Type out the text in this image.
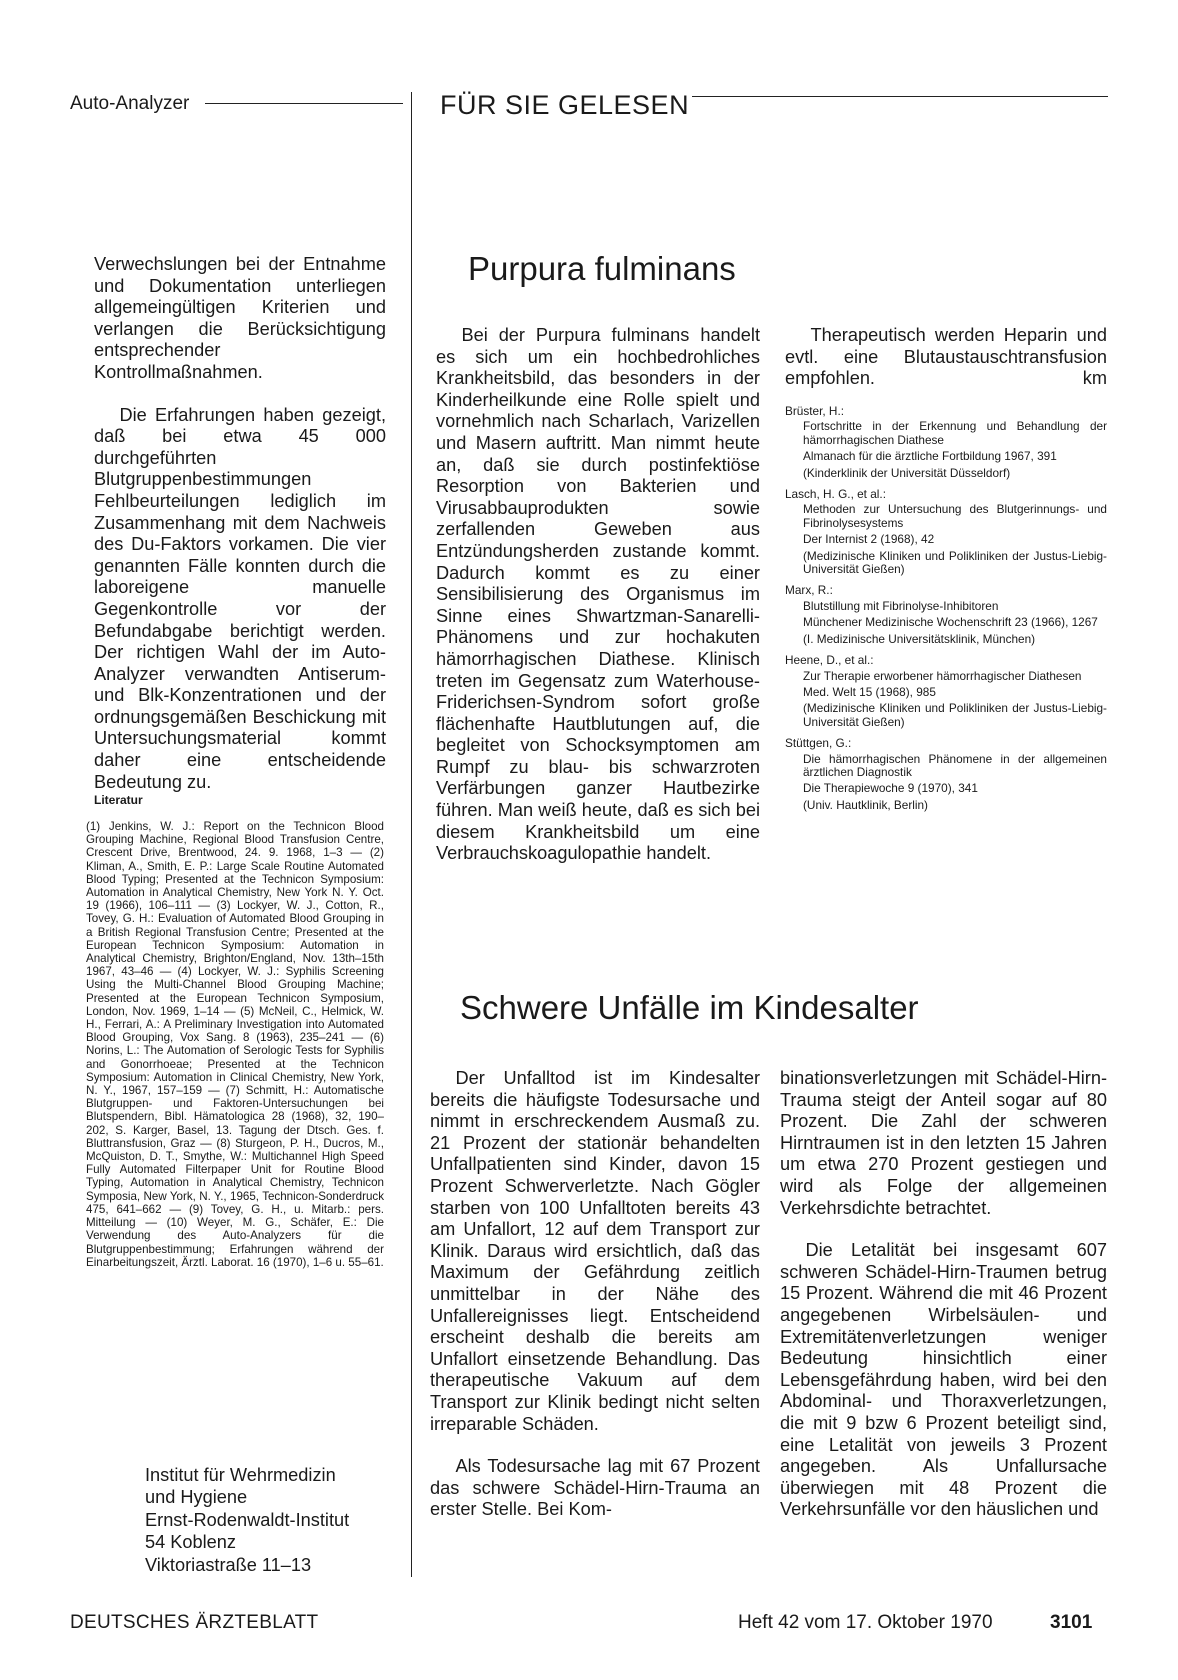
Auto-Analyzer	FÜR SIE GELESEN

Verwechslungen bei der Entnahme und Dokumentation unterliegen allgemeingültigen Kriterien und verlangen die Berücksichtigung entsprechender Kontrollmaßnahmen.

Die Erfahrungen haben gezeigt, daß bei etwa 45 000 durchgeführten Blutgruppenbestimmungen Fehlbeurteilungen lediglich im Zusammenhang mit dem Nachweis des Du-Faktors vorkamen. Die vier genannten Fälle konnten durch die laboreigene manuelle Gegenkontrolle vor der Befundabgabe berichtigt werden. Der richtigen Wahl der im Auto-Analyzer verwandten Antiserum- und Blk-Konzentrationen und der ordnungsgemäßen Beschickung mit Untersuchungsmaterial kommt daher eine entscheidende Bedeutung zu.

Literatur
(1) Jenkins, W. J.: Report on the Technicon Blood Grouping Machine, Regional Blood Transfusion Centre, Crescent Drive, Brentwood, 24. 9. 1968, 1–3 — (2) Kliman, A., Smith, E. P.: Large Scale Routine Automated Blood Typing; Presented at the Technicon Symposium: Automation in Analytical Chemistry, New York N. Y. Oct. 19 (1966), 106–111 — (3) Lockyer, W. J., Cotton, R., Tovey, G. H.: Evaluation of Automated Blood Grouping in a British Regional Transfusion Centre; Presented at the European Technicon Symposium: Automation in Analytical Chemistry, Brighton/England, Nov. 13th–15th 1967, 43–46 — (4) Lockyer, W. J.: Syphilis Screening Using the Multi-Channel Blood Grouping Machine; Presented at the European Technicon Symposium, London, Nov. 1969, 1–14 — (5) McNeil, C., Helmick, W. H., Ferrari, A.: A Preliminary Investigation into Automated Blood Grouping, Vox Sang. 8 (1963), 235–241 — (6) Norins, L.: The Automation of Serologic Tests for Syphilis and Gonorrhoeae; Presented at the Technicon Symposium: Automation in Clinical Chemistry, New York, N. Y., 1967, 157–159 — (7) Schmitt, H.: Automatische Blutgruppen- und Faktoren-Untersuchungen bei Blutspendern, Bibl. Hämatologica 28 (1968), 32, 190–202, S. Karger, Basel, 13. Tagung der Dtsch. Ges. f. Bluttransfusion, Graz — (8) Sturgeon, P. H., Ducros, M., McQuiston, D. T., Smythe, W.: Multichannel High Speed Fully Automated Filterpaper Unit for Routine Blood Typing, Automation in Analytical Chemistry, Technicon Symposia, New York, N. Y., 1965, Technicon-Sonderdruck 475, 641–662 — (9) Tovey, G. H., u. Mitarb.: pers. Mitteilung — (10) Weyer, M. G., Schäfer, E.: Die Verwendung des Auto-Analyzers für die Blutgruppenbestimmung; Erfahrungen während der Einarbeitungszeit, Ärztl. Laborat. 16 (1970), 1–6 u. 55–61.
Institut für Wehrmedizin
und Hygiene
Ernst-Rodenwaldt-Institut
54 Koblenz
Viktoriastraße 11–13
Purpura fulminans

Bei der Purpura fulminans handelt es sich um ein hochbedrohliches Krankheitsbild, das besonders in der Kinderheilkunde eine Rolle spielt und vornehmlich nach Scharlach, Varizellen und Masern auftritt. Man nimmt heute an, daß sie durch postinfektiöse Resorption von Bakterien und Virusabbauprodukten sowie zerfallenden Geweben aus Entzündungsherden zustande kommt. Dadurch kommt es zu einer Sensibilisierung des Organismus im Sinne eines Shwartzman-Sanarelli-Phänomens und zur hochakuten hämorrhagischen Diathese. Klinisch treten im Gegensatz zum Waterhouse-Friderichsen-Syndrom sofort große flächenhafte Hautblutungen auf, die begleitet von Schocksymptomen am Rumpf zu blau- bis schwarzroten Verfärbungen ganzer Hautbezirke führen. Man weiß heute, daß es sich bei diesem Krankheitsbild um eine Verbrauchskoagulopathie handelt.

Therapeutisch werden Heparin und evtl. eine Blutaustauschtransfusion empfohlen.	km

Brüster, H.:
Fortschritte in der Erkennung und Behandlung der hämorrhagischen Diathese
Almanach für die ärztliche Fortbildung 1967, 391
(Kinderklinik der Universität Düsseldorf)
Lasch, H. G., et al.:
Methoden zur Untersuchung des Blutgerinnungs- und Fibrinolysesystems
Der Internist 2 (1968), 42
(Medizinische Kliniken und Polikliniken der Justus-Liebig-Universität Gießen)
Marx, R.:
Blutstillung mit Fibrinolyse-Inhibitoren
Münchener Medizinische Wochenschrift 23 (1966), 1267
(I. Medizinische Universitätsklinik, München)
Heene, D., et al.:
Zur Therapie erworbener hämorrhagischer Diathesen
Med. Welt 15 (1968), 985
(Medizinische Kliniken und Polikliniken der Justus-Liebig-Universität Gießen)
Stüttgen, G.:
Die hämorrhagischen Phänomene in der allgemeinen ärztlichen Diagnostik
Die Therapiewoche 9 (1970), 341
(Univ. Hautklinik, Berlin)
Schwere Unfälle im Kindesalter

Der Unfalltod ist im Kindesalter bereits die häufigste Todesursache und nimmt in erschreckendem Ausmaß zu. 21 Prozent der stationär behandelten Unfallpatienten sind Kinder, davon 15 Prozent Schwerverletzte. Nach Gögler starben von 100 Unfalltoten bereits 43 am Unfallort, 12 auf dem Transport zur Klinik. Daraus wird ersichtlich, daß das Maximum der Gefährdung zeitlich unmittelbar in der Nähe des Unfallereignisses liegt. Entscheidend erscheint deshalb die bereits am Unfallort einsetzende Behandlung. Das therapeutische Vakuum auf dem Transport zur Klinik bedingt nicht selten irreparable Schäden.

Als Todesursache lag mit 67 Prozent das schwere Schädel-Hirn-Trauma an erster Stelle. Bei Kom-

binationsverletzungen mit Schädel-Hirn-Trauma steigt der Anteil sogar auf 80 Prozent. Die Zahl der schweren Hirntraumen ist in den letzten 15 Jahren um etwa 270 Prozent gestiegen und wird als Folge der allgemeinen Verkehrsdichte betrachtet.

Die Letalität bei insgesamt 607 schweren Schädel-Hirn-Traumen betrug 15 Prozent. Während die mit 46 Prozent angegebenen Wirbelsäulen- und Extremitätenverletzungen weniger Bedeutung hinsichtlich einer Lebensgefährdung haben, wird bei den Abdominal- und Thoraxverletzungen, die mit 9 bzw 6 Prozent beteiligt sind, eine Letalität von jeweils 3 Prozent angegeben. Als Unfallursache überwiegen mit 48 Prozent die Verkehrsunfälle vor den häuslichen und

DEUTSCHES ÄRZTEBLATT	Heft 42 vom 17. Oktober 1970	3101
